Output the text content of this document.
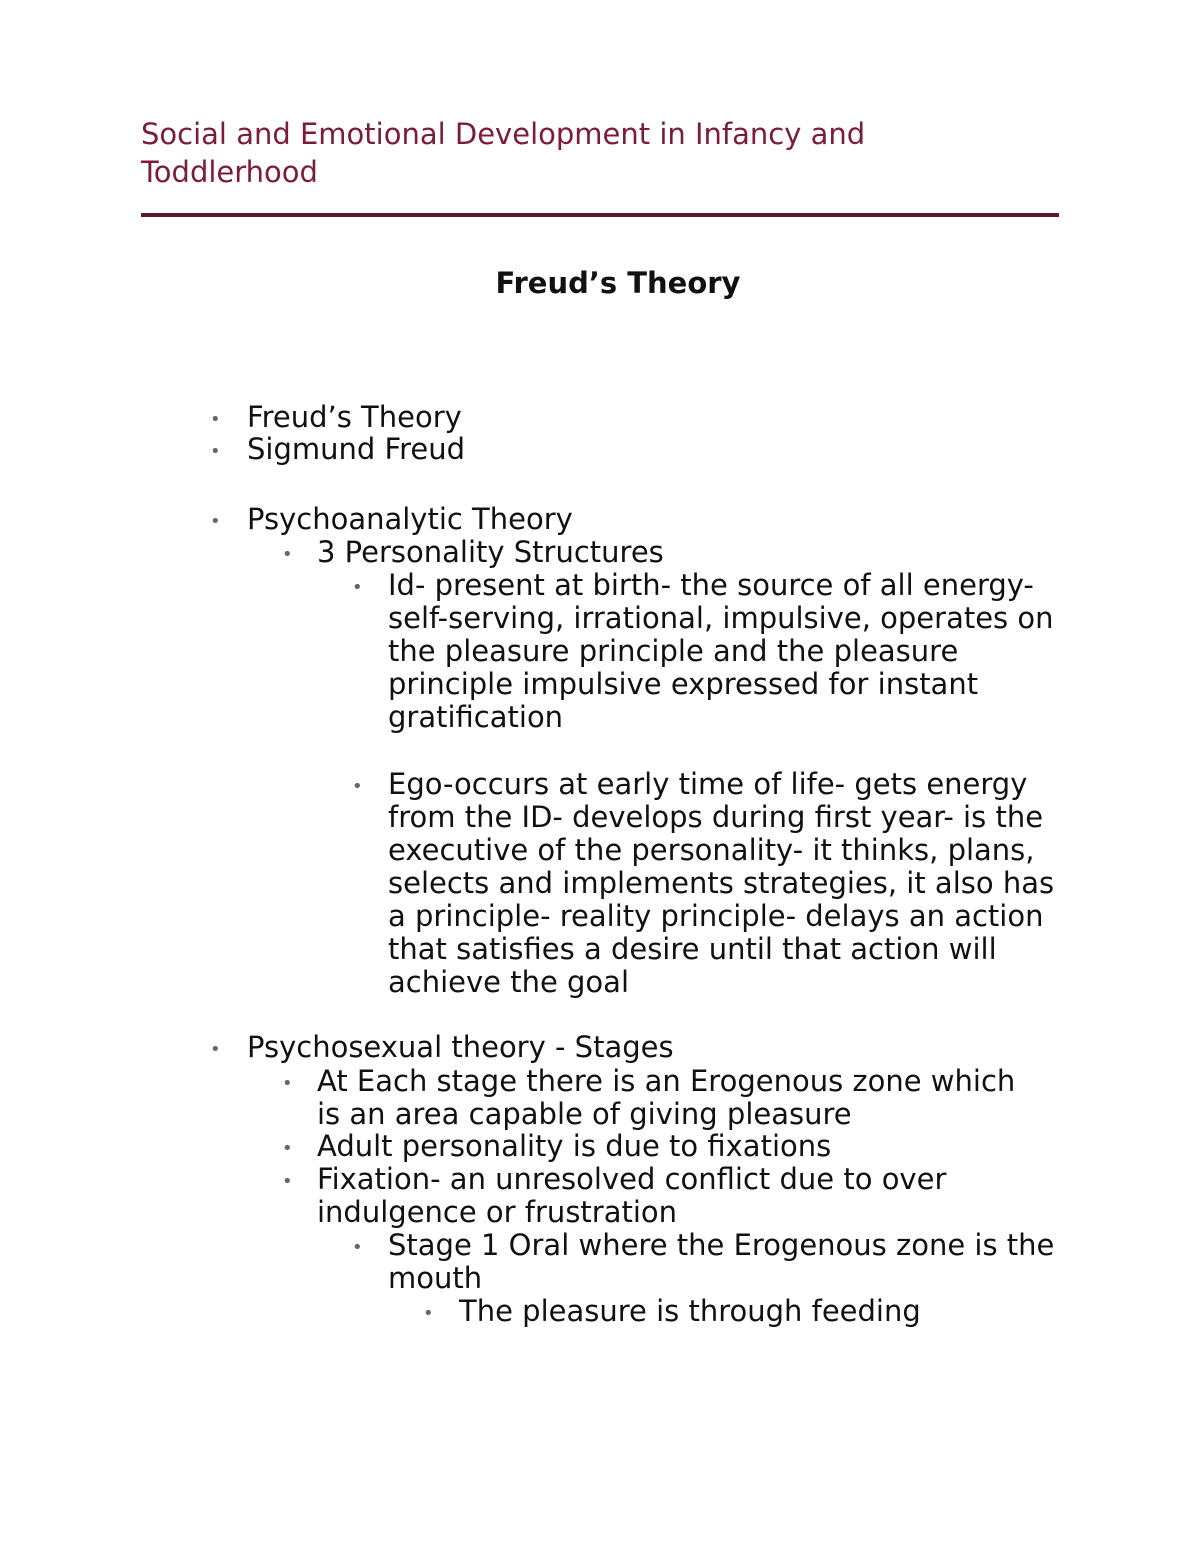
Social and Emotional Development in Infancy and Toddlerhood
Freud’s Theory
• Freud’s Theory
• Sigmund Freud
• Psychoanalytic Theory
• 3 Personality Structures
• Id- present at birth- the source of all energy- self-serving, irrational, impulsive, operates on the pleasure principle and the pleasure principle impulsive expressed for instant gratification
• Ego-occurs at early time of life- gets energy from the ID- develops during first year- is the executive of the personality- it thinks, plans, selects and implements strategies, it also has a principle- reality principle- delays an action that satisfies a desire until that action will achieve the goal
• Psychosexual theory - Stages
• At Each stage there is an Erogenous zone which is an area capable of giving pleasure
• Adult personality is due to fixations
• Fixation- an unresolved conflict due to over indulgence or frustration
• Stage 1 Oral where the Erogenous zone is the mouth
• The pleasure is through feeding
